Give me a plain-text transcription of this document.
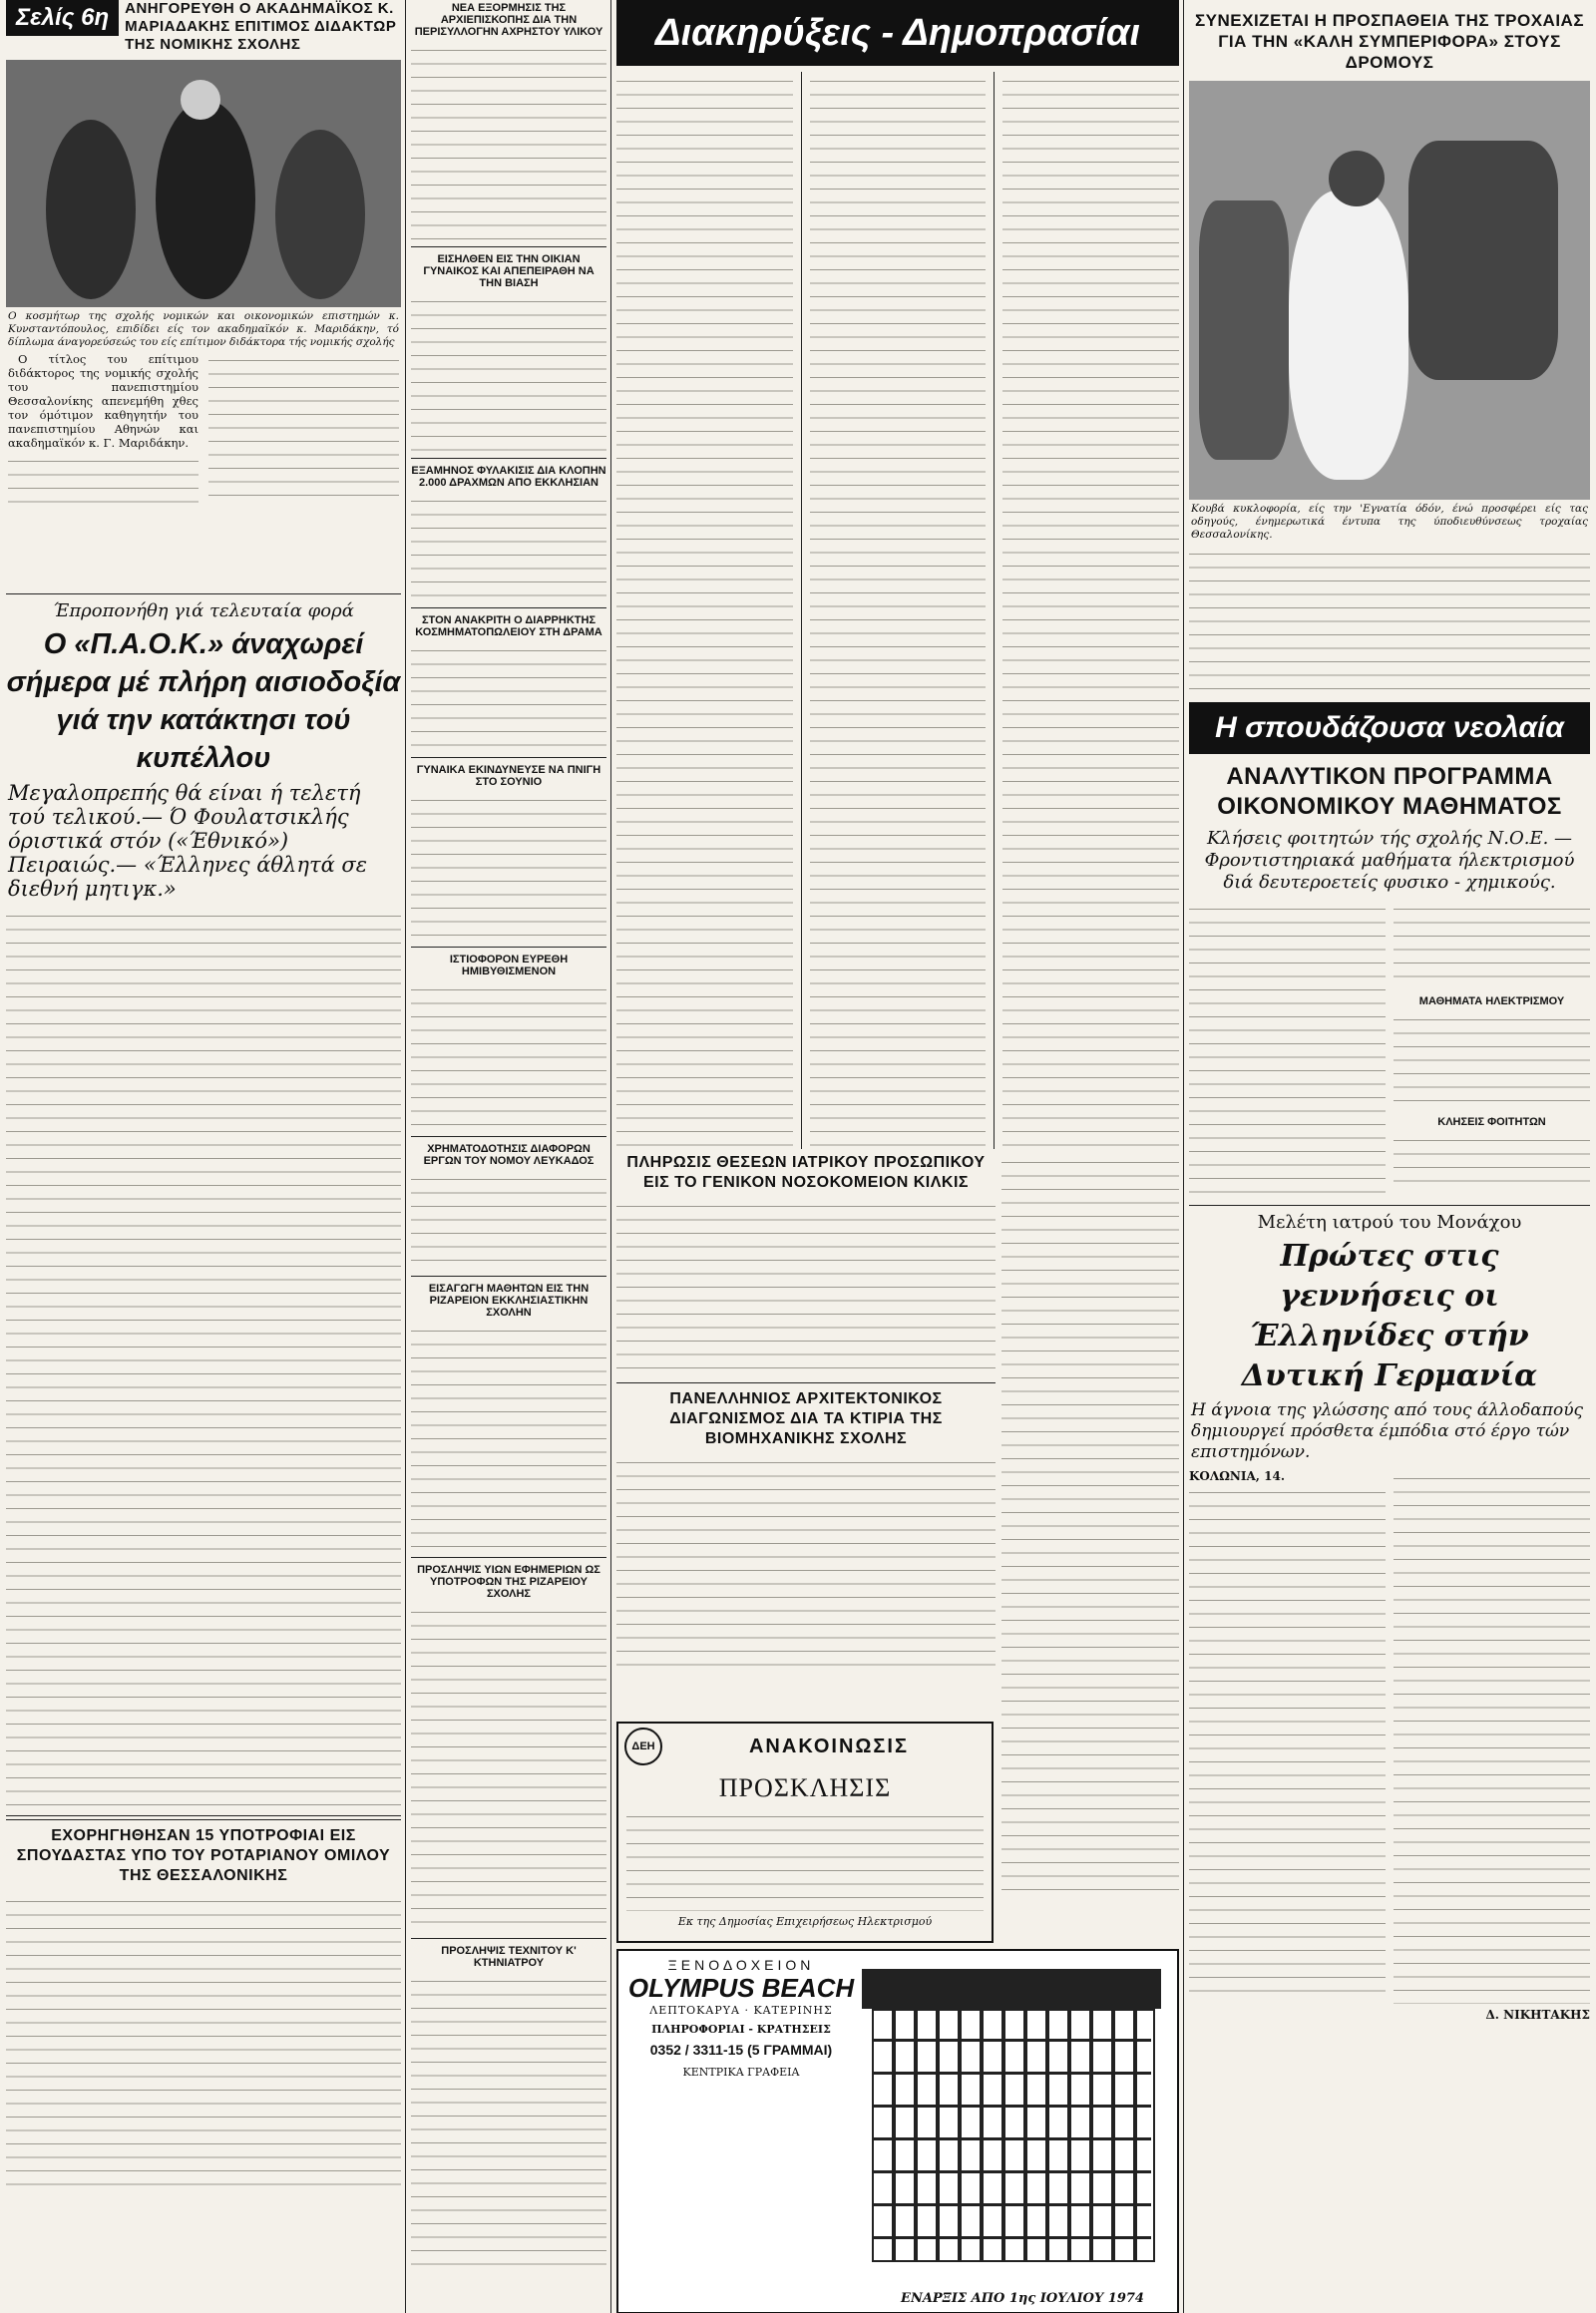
Σελίς 6η	ΑΝΗΓΟΡΕΥΘΗ Ο ΑΚΑΔΗΜΑΪΚΟΣ Κ. ΜΑΡΙΑΔΑΚΗΣ ΕΠΙΤΙΜΟΣ ΔΙΔΑΚΤΩΡ ΤΗΣ ΝΟΜΙΚΗΣ ΣΧΟΛΗΣ
Ο κοσμήτωρ της σχολής νομικών και οικονομικών επιστημών κ. Κυνσταντόπουλος, επιδίδει είς τον ακαδημαϊκόν κ. Μαριδάκην, τό δίπλωμα άναγορεύσεώς του είς επίτιμον διδάκτορα τής νομικής σχολής

Ο τίτλος του επίτιμου διδάκτορος της νομικής σχολής του πανεπιστημίου Θεσσαλονίκης απενεμήθη χθες τον όμότιμον καθηγητήν του πανεπιστημίου Αθηνών και ακαδημαϊκόν κ. Γ. Μαριδάκην.

Έπροπονήθη γιά τελευταία φορά
Ο «Π.Α.Ο.Κ.» άναχωρεί σήμερα μέ πλήρη αισιοδοξία γιά την κατάκτησι τού κυπέλλου
Μεγαλοπρεπής θά είναι ή τελετή τού τελικού.— Ό Φουλατσικλής όριστικά στόν («Έθνικό») Πειραιώς.— «Έλληνες άθλητά σε διεθνή μητιγκ.»
ΕΧΟΡΗΓΗΘΗΣΑΝ 15 ΥΠΟΤΡΟΦΙΑΙ ΕΙΣ ΣΠΟΥΔΑΣΤΑΣ ΥΠΟ ΤΟΥ ΡΟΤΑΡΙΑΝΟΥ ΟΜΙΛΟΥ ΤΗΣ ΘΕΣΣΑΛΟΝΙΚΗΣ
ΝΕΑ ΕΞΟΡΜΗΣΙΣ ΤΗΣ ΑΡΧΙΕΠΙΣΚΟΠΗΣ ΔΙΑ ΤΗΝ ΠΕΡΙΣΥΛΛΟΓΗΝ ΑΧΡΗΣΤΟΥ ΥΛΙΚΟΥ
ΕΙΣΗΛΘΕΝ ΕΙΣ ΤΗΝ ΟΙΚΙΑΝ ΓΥΝΑΙΚΟΣ ΚΑΙ ΑΠΕΠΕΙΡΑΘΗ ΝΑ ΤΗΝ ΒΙΑΣΗ
ΕΞΑΜΗΝΟΣ ΦΥΛΑΚΙΣΙΣ ΔΙΑ ΚΛΟΠΗΝ 2.000 ΔΡΑΧΜΩΝ ΑΠΟ ΕΚΚΛΗΣΙΑΝ
ΣΤΟΝ ΑΝΑΚΡΙΤΗ Ο ΔΙΑΡΡΗΚΤΗΣ ΚΟΣΜΗΜΑΤΟΠΩΛΕΙΟΥ ΣΤΗ ΔΡΑΜΑ
ΓΥΝΑΙΚΑ ΕΚΙΝΔΥΝΕΥΣΕ ΝΑ ΠΝΙΓΗ ΣΤΟ ΣΟΥΝΙΟ
ΙΣΤΙΟΦΟΡΟΝ ΕΥΡΕΘΗ ΗΜΙΒΥΘΙΣΜΕΝΟΝ
ΧΡΗΜΑΤΟΔΟΤΗΣΙΣ ΔΙΑΦΟΡΩΝ ΕΡΓΩΝ ΤΟΥ ΝΟΜΟΥ ΛΕΥΚΑΔΟΣ
ΕΙΣΑΓΩΓΗ ΜΑΘΗΤΩΝ ΕΙΣ ΤΗΝ ΡΙΖΑΡΕΙΟΝ ΕΚΚΛΗΣΙΑΣΤΙΚΗΝ ΣΧΟΛΗΝ
ΠΡΟΣΛΗΨΙΣ ΥΙΩΝ ΕΦΗΜΕΡΙΩΝ ΩΣ ΥΠΟΤΡΟΦΩΝ ΤΗΣ ΡΙΖΑΡΕΙΟΥ ΣΧΟΛΗΣ
ΠΡΟΣΛΗΨΙΣ ΤΕΧΝΙΤΟΥ Κ' ΚΤΗΝΙΑΤΡΟΥ
Διακηρύξεις - Δημοπρασίαι
ΠΛΗΡΩΣΙΣ ΘΕΣΕΩΝ ΙΑΤΡΙΚΟΥ ΠΡΟΣΩΠΙΚΟΥ ΕΙΣ ΤΟ ΓΕΝΙΚΟΝ ΝΟΣΟΚΟΜΕΙΟΝ ΚΙΛΚΙΣ
ΠΑΝΕΛΛΗΝΙΟΣ ΑΡΧΙΤΕΚΤΟΝΙΚΟΣ ΔΙΑΓΩΝΙΣΜΟΣ ΔΙΑ ΤΑ ΚΤΙΡΙΑ ΤΗΣ ΒΙΟΜΗΧΑΝΙΚΗΣ ΣΧΟΛΗΣ
ΔΕΗ	ΑΝΑΚΟΙΝΩΣΙΣ
ΠΡΟΣΚΛΗΣΙΣ
Εκ της Δημοσίας Επιχειρήσεως Ηλεκτρισμού
ΞΕΝΟΔΟΧΕΙΟΝ
OLYMPUS BEACH
ΛΕΠΤΟΚΑΡΥΑ · ΚΑΤΕΡΙΝΗΣ
ΠΛΗΡΟΦΟΡΙΑΙ - ΚΡΑΤΗΣΕΙΣ
0352 / 3311-15 (5 ΓΡΑΜΜΑΙ)
ΚΕΝΤΡΙΚΑ ΓΡΑΦΕΙΑ
ΕΝΑΡΞΙΣ ΑΠΟ 1ης ΙΟΥΛΙΟΥ 1974
ΣΥΝΕΧΙΖΕΤΑΙ Η ΠΡΟΣΠΑΘΕΙΑ ΤΗΣ ΤΡΟΧΑΙΑΣ ΓΙΑ ΤΗΝ «ΚΑΛΗ ΣΥΜΠΕΡΙΦΟΡΑ» ΣΤΟΥΣ ΔΡΟΜΟΥΣ
Κουβά κυκλοφορία, είς την 'Εγνατία όδόν, ένώ προσφέρει είς τας οδηγούς, ένημερωτικά έντυπα της ύποδιευθύνσεως τροχαίας Θεσσαλονίκης.
Η σπουδάζουσα νεολαία
ΑΝΑΛΥΤΙΚΟΝ ΠΡΟΓΡΑΜΜΑ ΟΙΚΟΝΟΜΙΚΟΥ ΜΑΘΗΜΑΤΟΣ
Κλήσεις φοιτητών τής σχολής Ν.Ο.Ε. — Φροντιστηριακά μαθήματα ήλεκτρισμού διά δευτεροετείς φυσικο - χημικούς.
ΜΑΘΗΜΑΤΑ ΗΛΕΚΤΡΙΣΜΟΥ
ΚΛΗΣΕΙΣ ΦΟΙΤΗΤΩΝ
Μελέτη ιατρού του Μονάχου
Πρώτες στις γεννήσεις οι Έλληνίδες στήν Δυτική Γερμανία
Η άγνοια της γλώσσης από τους άλλοδαπούς δημιουργεί πρόσθετα έμπόδια στό έργο τών επιστημόνων.
ΚΟΛΩΝΙΑ, 14.
Δ. ΝΙΚΗΤΑΚΗΣ
